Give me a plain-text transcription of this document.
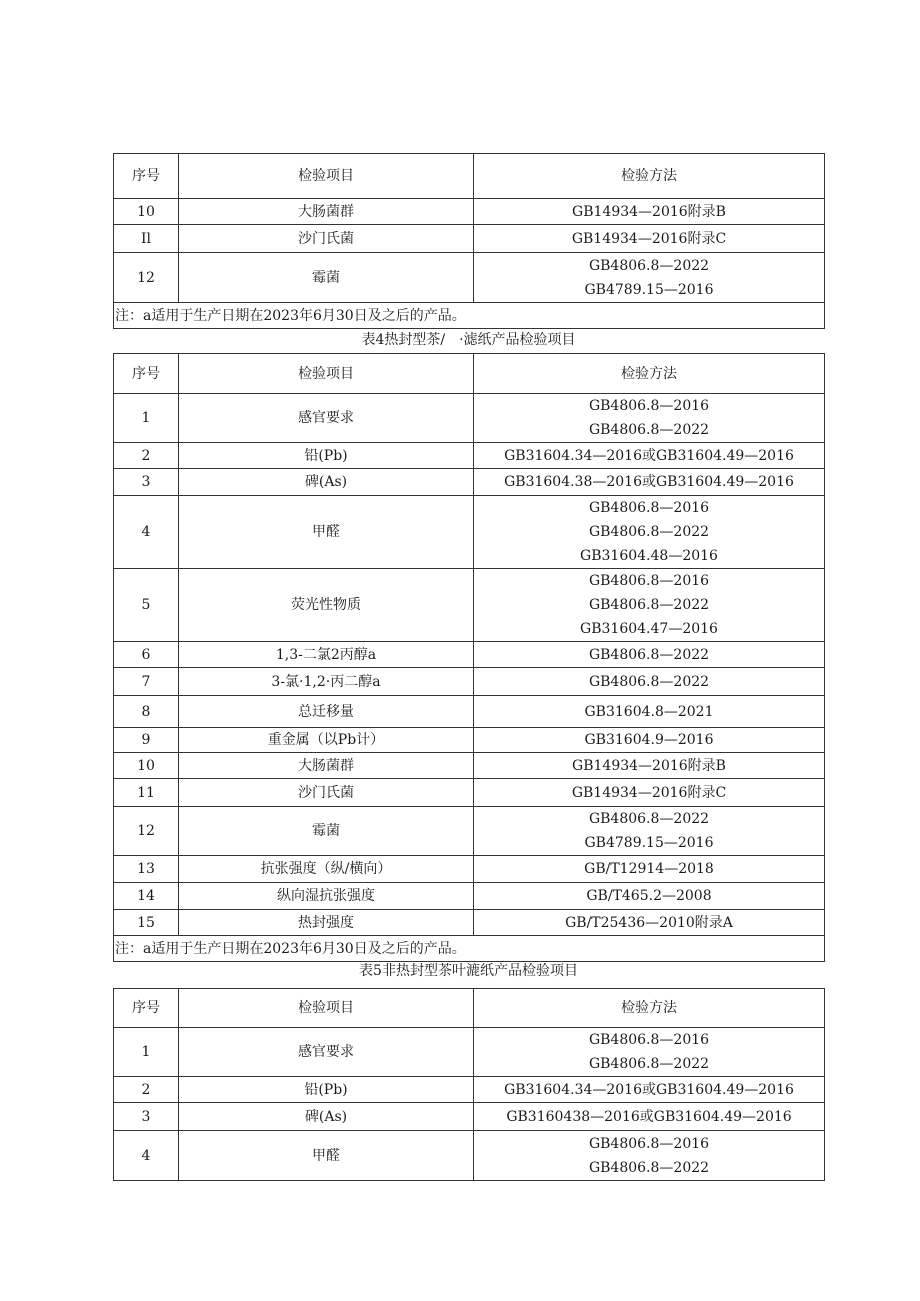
序号	检验项目	检验方法
10	大肠菌群	GB14934—2016附录B

Il	沙门氏菌	GB14934—2016附录C

12	霉菌	GB4806.8—2022
GB4789.15—2016

注：a适用于生产日期在2023年6月30日及之后的产品。		
表4热封型茶/　·滤纸产品检验项目
序号	检验项目	检验方法
1	感官要求	GB4806.8—2016
GB4806.8—2022

2	铅(Pb)	GB31604.34—2016或GB31604.49—2016

3	碑(As)	GB31604.38—2016或GB31604.49—2016

4	甲醛	GB4806.8—2016
GB4806.8—2022
GB31604.48—2016

5	荧光性物质	GB4806.8—2016
GB4806.8—2022
GB31604.47—2016

6	1,3-二氯2丙醇a	GB4806.8—2022

7	3-氯·1,2·丙二醇a	GB4806.8—2022

8	总迁移量	GB31604.8—2021

9	重金属（以Pb计）	GB31604.9—2016

10	大肠菌群	GB14934—2016附录B

11	沙门氏菌	GB14934—2016附录C

12	霉菌	GB4806.8—2022
GB4789.15—2016

13	抗张强度（纵/横向）	GB/T12914—2018

14	纵向湿抗张强度	GB/T465.2—2008

15	热封强度	GB/T25436—2010附录A

注：a适用于生产日期在2023年6月30日及之后的产品。		
表5非热封型茶叶漉纸产品检验项目
序号	检验项目	检验方法
1	感官要求	GB4806.8—2016
GB4806.8—2022

2	铅(Pb)	GB31604.34—2016或GB31604.49—2016

3	碑(As)	GB3160438—2016或GB31604.49—2016

4	甲醛	GB4806.8—2016
GB4806.8—2022
